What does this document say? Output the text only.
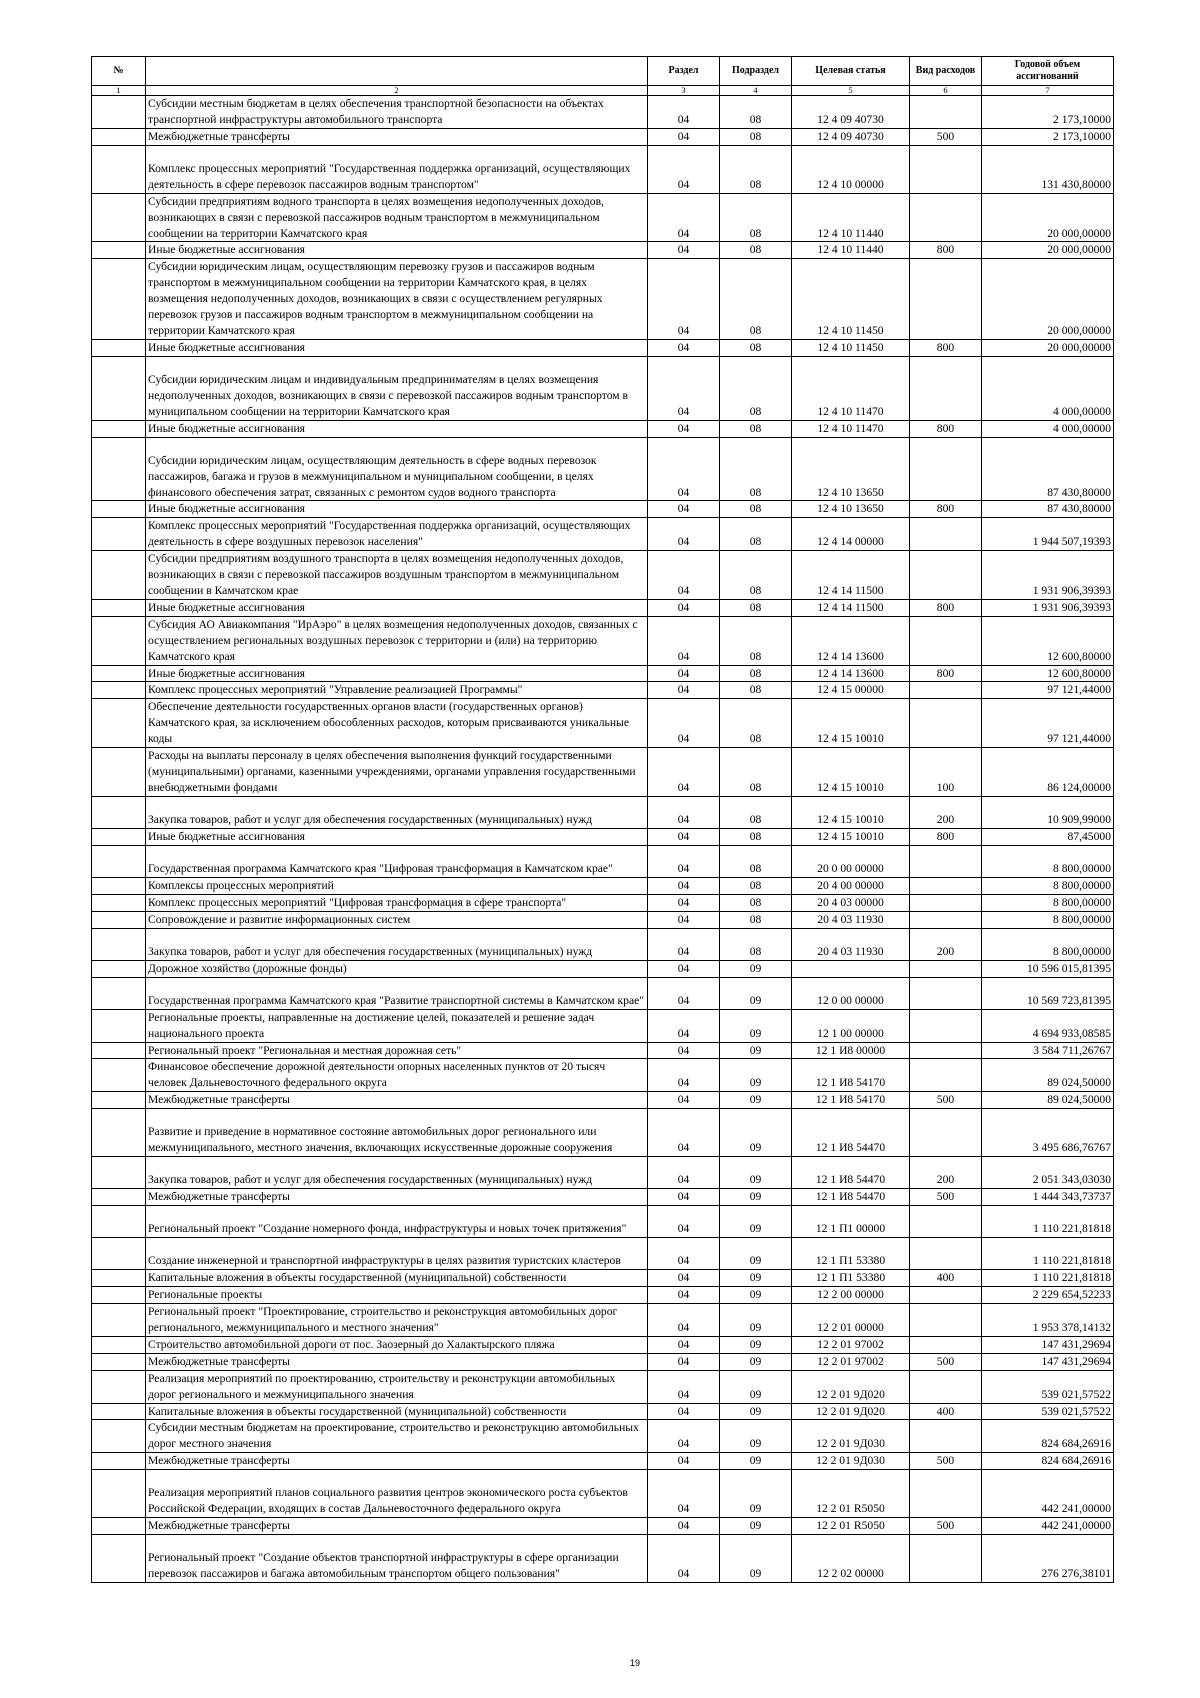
№		Раздел	Подраздел	Целевая статья	Вид расходов	Годовой объем ассигнований
1	2	3	4	5	6	7
	Субсидии местным бюджетам в целях обеспечения транспортной безопасности на объектах транспортной инфраструктуры автомобильного транспорта	04	08	12 4 09 40730		2 173,10000
	Межбюджетные трансферты	04	08	12 4 09 40730	500	2 173,10000
	Комплекс процессных мероприятий "Государственная поддержка организаций, осуществляющих деятельность в сфере перевозок пассажиров водным транспортом"	04	08	12 4 10 00000		131 430,80000
	Субсидии предприятиям водного транспорта в целях возмещения недополученных доходов, возникающих в связи с перевозкой пассажиров водным транспортом в межмуниципальном сообщении на территории Камчатского края	04	08	12 4 10 11440		20 000,00000
	Иные бюджетные ассигнования	04	08	12 4 10 11440	800	20 000,00000
	Субсидии юридическим лицам, осуществляющим перевозку грузов и пассажиров водным транспортом в межмуниципальном сообщении на территории Камчатского края, в целях возмещения недополученных доходов, возникающих в связи с осуществлением регулярных перевозок грузов и пассажиров водным транспортом в межмуниципальном сообщении на территории Камчатского края	04	08	12 4 10 11450		20 000,00000
	Иные бюджетные ассигнования	04	08	12 4 10 11450	800	20 000,00000
	Субсидии юридическим лицам и индивидуальным предпринимателям в целях возмещения недополученных доходов, возникающих в связи с перевозкой пассажиров водным транспортом в муниципальном сообщении на территории Камчатского края	04	08	12 4 10 11470		4 000,00000
	Иные бюджетные ассигнования	04	08	12 4 10 11470	800	4 000,00000
	Субсидии юридическим лицам, осуществляющим деятельность в сфере водных перевозок пассажиров, багажа и грузов в межмуниципальном и муниципальном сообщении, в целях финансового обеспечения затрат, связанных с ремонтом судов водного транспорта	04	08	12 4 10 13650		87 430,80000
	Иные бюджетные ассигнования	04	08	12 4 10 13650	800	87 430,80000
	Комплекс процессных мероприятий "Государственная поддержка организаций, осуществляющих деятельность в сфере воздушных перевозок населения"	04	08	12 4 14 00000		1 944 507,19393
	Субсидии предприятиям воздушного транспорта в целях возмещения недополученных доходов, возникающих в связи с перевозкой пассажиров воздушным транспортом в межмуниципальном сообщении в Камчатском крае	04	08	12 4 14 11500		1 931 906,39393
	Иные бюджетные ассигнования	04	08	12 4 14 11500	800	1 931 906,39393
	Субсидия АО Авиакомпания "ИрАэро" в целях возмещения недополученных доходов, связанных с осуществлением региональных воздушных перевозок с территории и (или) на территорию Камчатского края	04	08	12 4 14 13600		12 600,80000
	Иные бюджетные ассигнования	04	08	12 4 14 13600	800	12 600,80000
	Комплекс процессных мероприятий "Управление реализацией Программы"	04	08	12 4 15 00000		97 121,44000
	Обеспечение деятельности государственных органов власти (государственных органов) Камчатского края, за исключением обособленных расходов, которым присваиваются уникальные коды	04	08	12 4 15 10010		97 121,44000
	Расходы на выплаты персоналу в целях обеспечения выполнения функций государственными (муниципальными) органами, казенными учреждениями, органами управления государственными внебюджетными фондами	04	08	12 4 15 10010	100	86 124,00000
	Закупка товаров, работ и услуг для обеспечения государственных (муниципальных) нужд	04	08	12 4 15 10010	200	10 909,99000
	Иные бюджетные ассигнования	04	08	12 4 15 10010	800	87,45000
	Государственная программа Камчатского края "Цифровая трансформация в Камчатском крае"	04	08	20 0 00 00000		8 800,00000
	Комплексы процессных мероприятий	04	08	20 4 00 00000		8 800,00000
	Комплекс процессных мероприятий "Цифровая трансформация в сфере транспорта"	04	08	20 4 03 00000		8 800,00000
	Сопровождение и развитие информационных систем	04	08	20 4 03 11930		8 800,00000
	Закупка товаров, работ и услуг для обеспечения государственных (муниципальных) нужд	04	08	20 4 03 11930	200	8 800,00000
	Дорожное хозяйство (дорожные фонды)	04	09			10 596 015,81395
	Государственная программа Камчатского края "Развитие транспортной системы в Камчатском крае"	04	09	12 0 00 00000		10 569 723,81395
	Региональные проекты, направленные на достижение целей, показателей и решение задач национального проекта	04	09	12 1 00 00000		4 694 933,08585
	Региональный проект "Региональная и местная дорожная сеть"	04	09	12 1 И8 00000		3 584 711,26767
	Финансовое обеспечение дорожной деятельности опорных населенных пунктов от 20 тысяч человек Дальневосточного федерального округа	04	09	12 1 И8 54170		89 024,50000
	Межбюджетные трансферты	04	09	12 1 И8 54170	500	89 024,50000
	Развитие и приведение в нормативное состояние автомобильных дорог регионального или межмуниципального, местного значения, включающих искусственные дорожные сооружения	04	09	12 1 И8 54470		3 495 686,76767
	Закупка товаров, работ и услуг для обеспечения государственных (муниципальных) нужд	04	09	12 1 И8 54470	200	2 051 343,03030
	Межбюджетные трансферты	04	09	12 1 И8 54470	500	1 444 343,73737
	Региональный проект "Создание номерного фонда, инфраструктуры и новых точек притяжения"	04	09	12 1 П1 00000		1 110 221,81818
	Создание инженерной и транспортной инфраструктуры в целях развития туристских кластеров	04	09	12 1 П1 53380		1 110 221,81818
	Капитальные вложения в объекты государственной (муниципальной) собственности	04	09	12 1 П1 53380	400	1 110 221,81818
	Региональные проекты	04	09	12 2 00 00000		2 229 654,52233
	Региональный проект "Проектирование, строительство и реконструкция автомобильных дорог регионального, межмуниципального и местного значения"	04	09	12 2 01 00000		1 953 378,14132
	Строительство автомобильной дороги от пос. Заозерный до Халактырского пляжа	04	09	12 2 01 97002		147 431,29694
	Межбюджетные трансферты	04	09	12 2 01 97002	500	147 431,29694
	Реализация мероприятий по проектированию, строительству и реконструкции автомобильных дорог регионального и межмуниципального значения	04	09	12 2 01 9Д020		539 021,57522
	Капитальные вложения в объекты государственной (муниципальной) собственности	04	09	12 2 01 9Д020	400	539 021,57522
	Субсидии местным бюджетам на проектирование, строительство и реконструкцию автомобильных дорог местного значения	04	09	12 2 01 9Д030		824 684,26916
	Межбюджетные трансферты	04	09	12 2 01 9Д030	500	824 684,26916
	Реализация мероприятий планов социального развития центров экономического роста субъектов Российской Федерации, входящих в состав Дальневосточного федерального округа	04	09	12 2 01 R5050		442 241,00000
	Межбюджетные трансферты	04	09	12 2 01 R5050	500	442 241,00000
	Региональный проект "Создание объектов транспортной инфраструктуры в сфере организации перевозок пассажиров и багажа автомобильным транспортом общего пользования"	04	09	12 2 02 00000		276 276,38101
19
